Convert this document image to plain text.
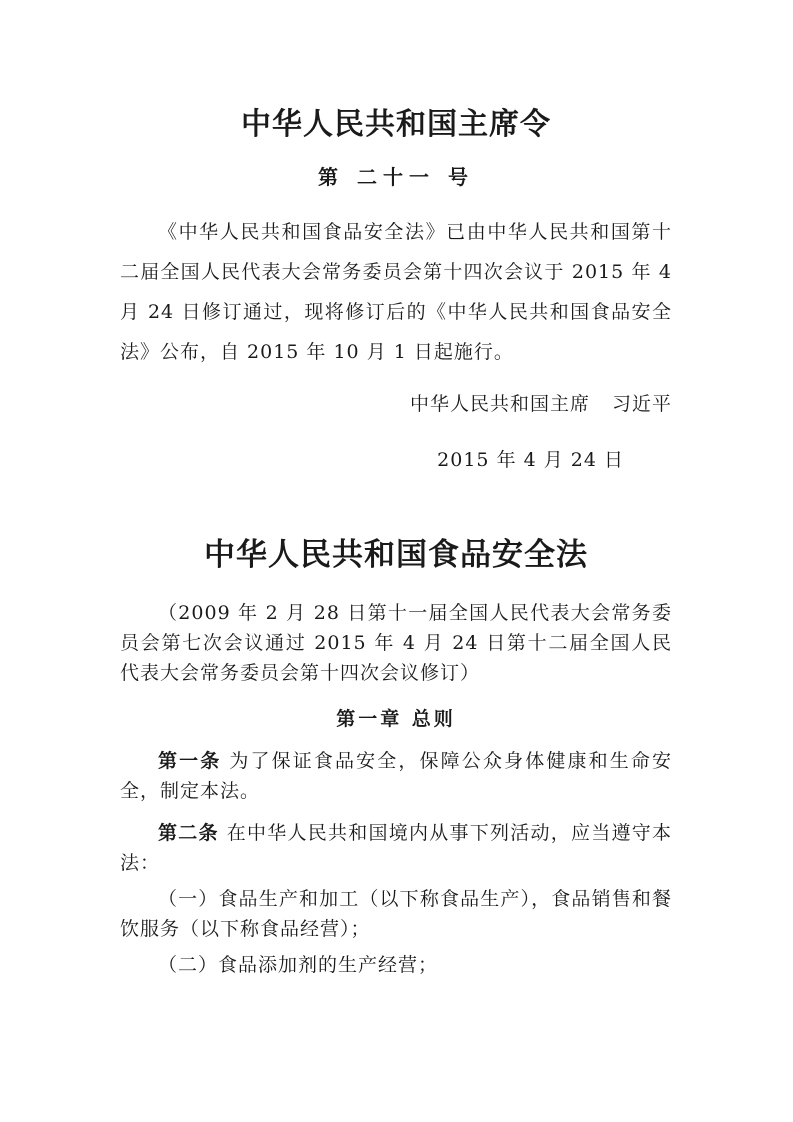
中华人民共和国主席令
第 二十一 号
《中华人民共和国食品安全法》已由中华人民共和国第十二届全国人民代表大会常务委员会第十四次会议于 2015 年 4 月 24 日修订通过，现将修订后的《中华人民共和国食品安全法》公布，自 2015 年 10 月 1 日起施行。
中华人民共和国主席 习近平
2015 年 4 月 24 日
中华人民共和国食品安全法
（2009 年 2 月 28 日第十一届全国人民代表大会常务委员会第七次会议通过 2015 年 4 月 24 日第十二届全国人民代表大会常务委员会第十四次会议修订）
第一章 总则
第一条 为了保证食品安全，保障公众身体健康和生命安全，制定本法。
第二条 在中华人民共和国境内从事下列活动，应当遵守本法：
（一）食品生产和加工（以下称食品生产），食品销售和餐饮服务（以下称食品经营）；
（二）食品添加剂的生产经营；
